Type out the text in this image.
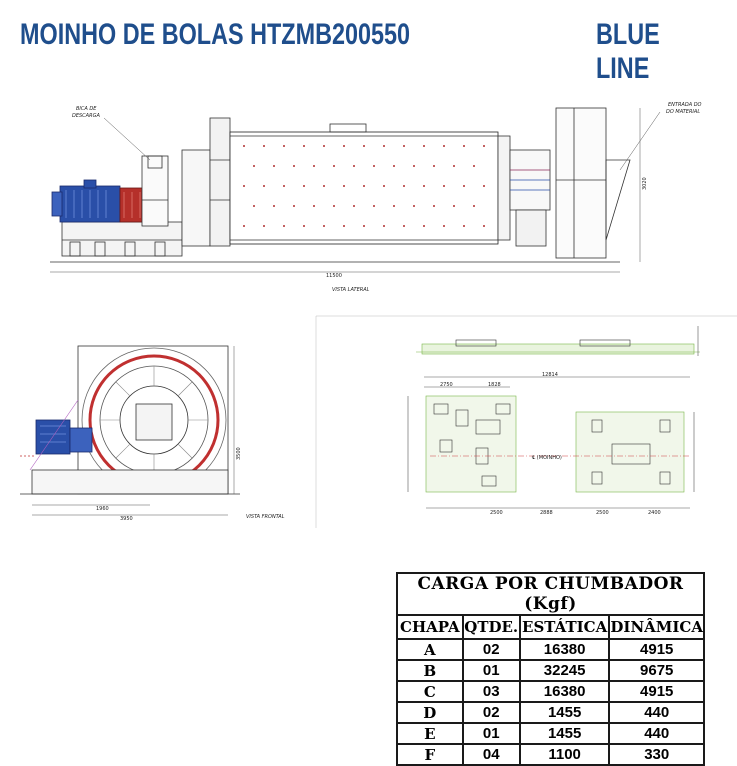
MOINHO DE BOLAS HTZMB200550	BLUE LINE
BICA DE
DESCARGA
ENTRADA DO
DO MATERIAL
3020
11500
VISTA LATERAL
3500
1960
3950	VISTA FRONTAL
12814
2750	1828
2500	2888	2500	2400
℄ (MOINHO)
CARGA POR CHUMBADOR (Kgf)			
CHAPA	QTDE.	ESTÁTICA	DINÂMICA
A	02	16380	4915
B	01	32245	9675
C	03	16380	4915
D	02	1455	440
E	01	1455	440
F	04	1100	330
